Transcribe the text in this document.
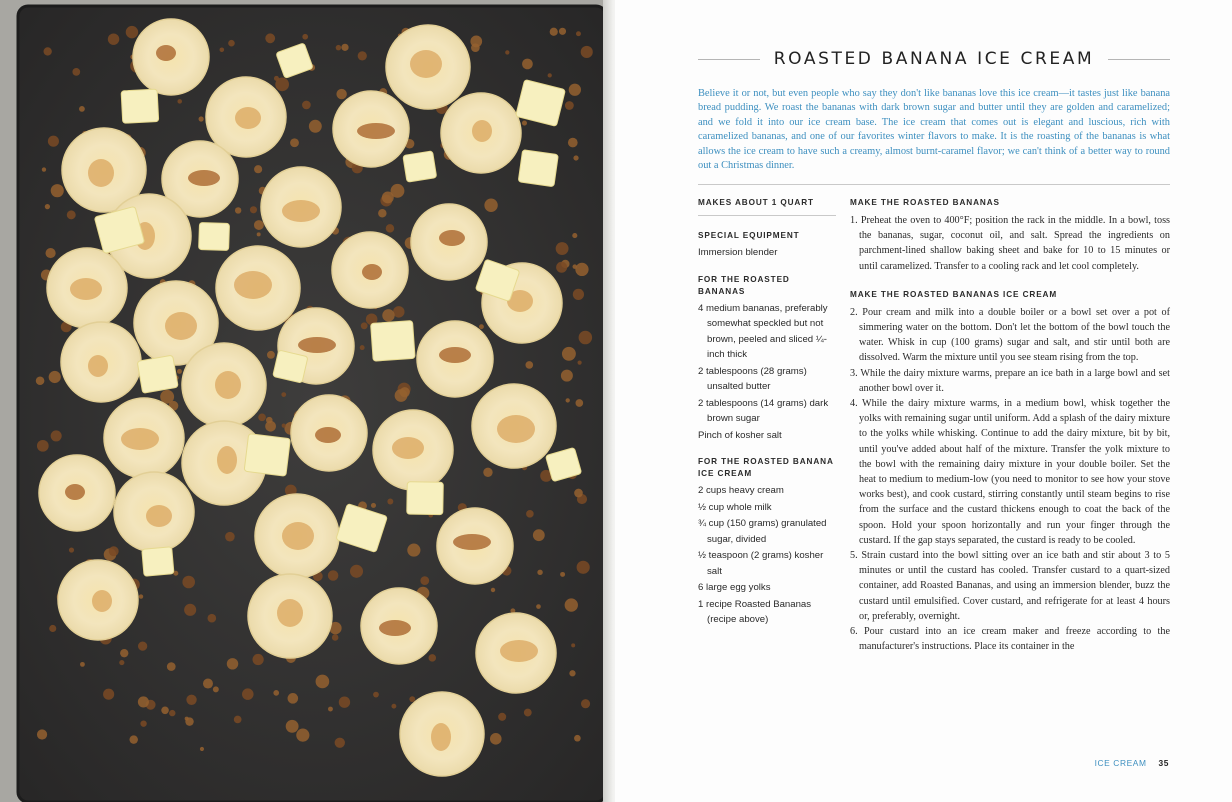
ROASTED BANANA ICE CREAM

Believe it or not, but even people who say they don't like bananas love this ice cream—it tastes just like banana bread pudding. We roast the bananas with dark brown sugar and butter until they are golden and caramelized; and we fold it into our ice cream base. The ice cream that comes out is elegant and luscious, rich with caramelized bananas, and one of our favorites winter flavors to make. It is the roasting of the bananas is what allows the ice cream to have such a creamy, almost burnt-caramel flavor; we can't think of a better way to round out a Christmas dinner.

MAKES ABOUT 1 QUART
SPECIAL EQUIPMENT

Immersion blender

FOR THE ROASTED BANANAS

4 medium bananas, preferably somewhat speckled but not brown, peeled and sliced ¼-inch thick

2 tablespoons (28 grams) unsalted butter

2 tablespoons (14 grams) dark brown sugar

Pinch of kosher salt

FOR THE ROASTED BANANA ICE CREAM

2 cups heavy cream

½ cup whole milk

¾ cup (150 grams) granulated sugar, divided

½ teaspoon (2 grams) kosher salt

6 large egg yolks

1 recipe Roasted Bananas (recipe above)

MAKE THE ROASTED BANANAS

1. Preheat the oven to 400°F; position the rack in the middle. In a bowl, toss the bananas, sugar, coconut oil, and salt. Spread the ingredients on parchment-lined shallow baking sheet and bake for 10 to 15 minutes or until caramelized. Transfer to a cooling rack and let cool completely.

MAKE THE ROASTED BANANAS ICE CREAM

2. Pour cream and milk into a double boiler or a bowl set over a pot of simmering water on the bottom. Don't let the bottom of the bowl touch the water. Whisk in cup (100 grams) sugar and salt, and stir until both are dissolved. Warm the mixture until you see steam rising from the top.

3. While the dairy mixture warms, prepare an ice bath in a large bowl and set another bowl over it.

4. While the dairy mixture warms, in a medium bowl, whisk together the yolks with remaining sugar until uniform. Add a splash of the dairy mixture to the yolks while whisking. Continue to add the dairy mixture, bit by bit, until you've added about half of the mixture. Transfer the yolk mixture to the bowl with the remaining dairy mixture in your double boiler. Set the heat to medium to medium-low (you need to monitor to see how your stove works best), and cook custard, stirring constantly until steam begins to rise from the surface and the custard thickens enough to coat the back of the spoon. Hold your spoon horizontally and run your finger through the custard. If the gap stays separated, the custard is ready to be cooled.

5. Strain custard into the bowl sitting over an ice bath and stir about 3 to 5 minutes or until the custard has cooled. Transfer custard to a quart-sized container, add Roasted Bananas, and using an immersion blender, buzz the custard until emulsified. Cover custard, and refrigerate for at least 4 hours or, preferably, overnight.

6. Pour custard into an ice cream maker and freeze according to the manufacturer's instructions. Place its container in the

ICE CREAM 35
